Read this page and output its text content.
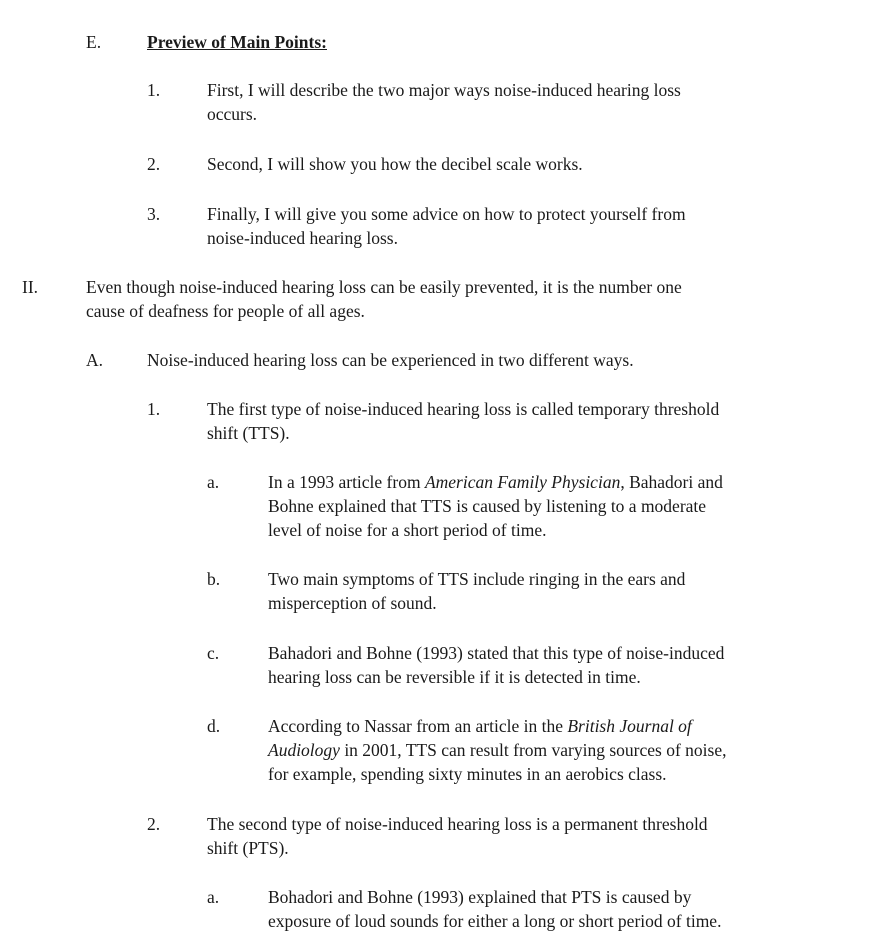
E.	Preview of Main Points:
1.	First, I will describe the two major ways noise-induced hearing loss
occurs.
2.	Second, I will show you how the decibel scale works.
3.	Finally, I will give you some advice on how to protect yourself from
noise-induced hearing loss.
II.	Even though noise-induced hearing loss can be easily prevented, it is the number one
cause of deafness for people of all ages.
A.	Noise-induced hearing loss can be experienced in two different ways.
1.	The first type of noise-induced hearing loss is called temporary threshold
shift (TTS).
a.	In a 1993 article from American Family Physician, Bahadori and
Bohne explained that TTS is caused by listening to a moderate
level of noise for a short period of time.
b.	Two main symptoms of TTS include ringing in the ears and
misperception of sound.
c.	Bahadori and Bohne (1993) stated that this type of noise-induced
hearing loss can be reversible if it is detected in time.
d.	According to Nassar from an article in the British Journal of
Audiology in 2001, TTS can result from varying sources of noise,
for example, spending sixty minutes in an aerobics class.
2.	The second type of noise-induced hearing loss is a permanent threshold
shift (PTS).
a.	Bohadori and Bohne (1993) explained that PTS is caused by
exposure of loud sounds for either a long or short period of time.
